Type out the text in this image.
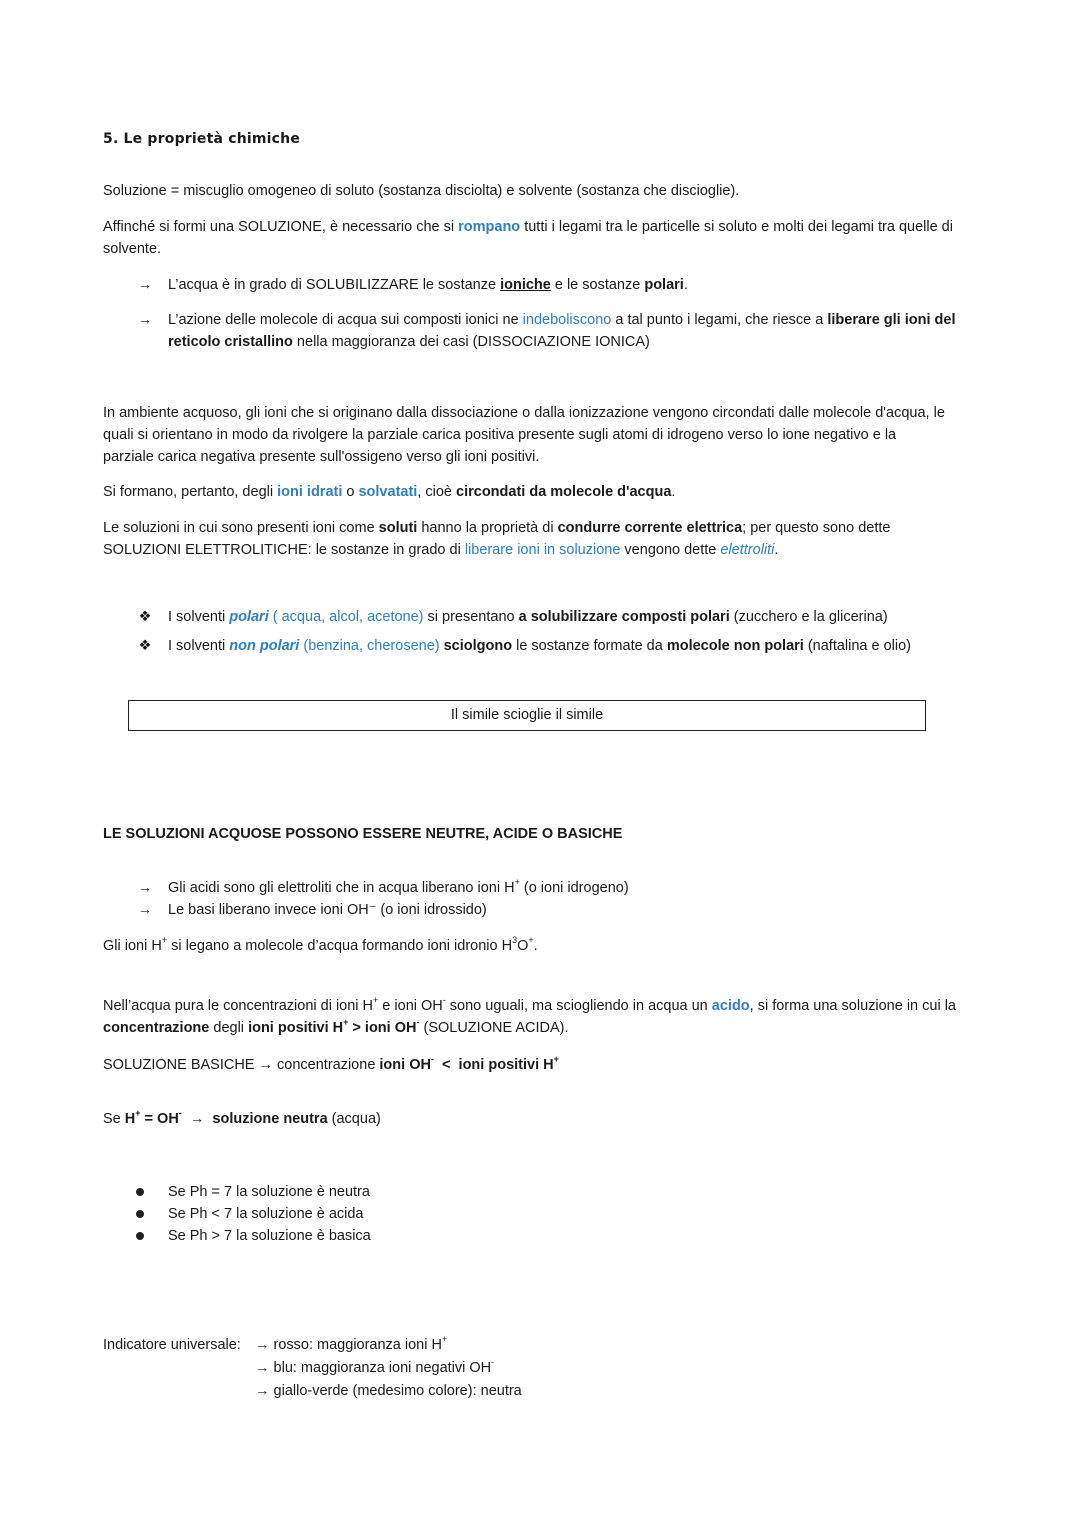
5. Le proprietà chimiche
Soluzione = miscuglio omogeneo di soluto (sostanza disciolta) e solvente (sostanza che discioglie).
Affinché si formi una SOLUZIONE, è necessario che si rompano tutti i legami tra le particelle si soluto e molti dei legami tra quelle di
solvente.
→ L’acqua è in grado di SOLUBILIZZARE le sostanze ioniche e le sostanze polari.
→ L’azione delle molecole di acqua sui composti ionici ne indeboliscono a tal punto i legami, che riesce a liberare gli ioni del
reticolo cristallino nella maggioranza dei casi (DISSOCIAZIONE IONICA)
In ambiente acquoso, gli ioni che si originano dalla dissociazione o dalla ionizzazione vengono circondati dalle molecole d'acqua, le
quali si orientano in modo da rivolgere la parziale carica positiva presente sugli atomi di idrogeno verso lo ione negativo e la
parziale carica negativa presente sull'ossigeno verso gli ioni positivi.
Si formano, pertanto, degli ioni idrati o solvatati, cioè circondati da molecole d'acqua.
Le soluzioni in cui sono presenti ioni come soluti hanno la proprietà di condurre corrente elettrica; per questo sono dette
SOLUZIONI ELETTROLITICHE: le sostanze in grado di liberare ioni in soluzione vengono dette elettroliti.
❖ I solventi polari ( acqua, alcol, acetone) si presentano a solubilizzare composti polari (zucchero e la glicerina)
❖ I solventi non polari (benzina, cherosene) sciolgono le sostanze formate da molecole non polari (naftalina e olio)
Il simile scioglie il simile
LE SOLUZIONI ACQUOSE POSSONO ESSERE NEUTRE, ACIDE O BASICHE
→ Gli acidi sono gli elettroliti che in acqua liberano ioni H+ (o ioni idrogeno)
→ Le basi liberano invece ioni OH⁻ (o ioni idrossido)
Gli ioni H+ si legano a molecole d’acqua formando ioni idronio $H^3O^+$.
Nell’acqua pura le concentrazioni di ioni H+ e ioni OH- sono uguali, ma sciogliendo in acqua un acido, si forma una soluzione in cui la
concentrazione degli ioni positivi H+ > ioni OH- (SOLUZIONE ACIDA).
SOLUZIONE BASICHE → concentrazione ioni OH-  <  ioni positivi H+
Se H+ = OH-  →  soluzione neutra (acqua)
Se Ph = 7 la soluzione è neutra
Se Ph < 7 la soluzione è acida
Se Ph > 7 la soluzione è basica
Indicatore universale: → rosso: maggioranza ioni H+
→ blu: maggioranza ioni negativi OH-
→ giallo-verde (medesimo colore): neutra
